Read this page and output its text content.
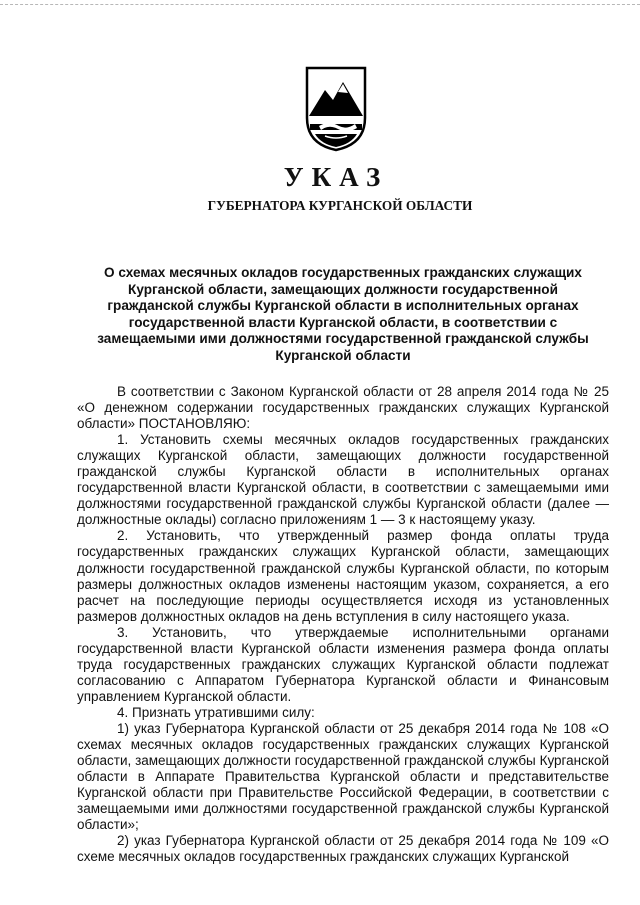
УКАЗ
ГУБЕРНАТОРА КУРГАНСКОЙ ОБЛАСТИ
О схемах месячных окладов государственных гражданских служащих Курганской области, замещающих должности государственной гражданской службы Курганской области в исполнительных органах государственной власти Курганской области, в соответствии с замещаемыми ими должностями государственной гражданской службы Курганской области

В соответствии с Законом Курганской области от 28 апреля 2014 года № 25 «О денежном содержании государственных гражданских служащих Курганской области» ПОСТАНОВЛЯЮ:

1. Установить схемы месячных окладов государственных гражданских служащих Курганской области, замещающих должности государственной гражданской службы Курганской области в исполнительных органах государственной власти Курганской области, в соответствии с замещаемыми ими должностями государственной гражданской службы Курганской области (далее — должностные оклады) согласно приложениям 1 — 3 к настоящему указу.

2. Установить, что утвержденный размер фонда оплаты труда государственных гражданских служащих Курганской области, замещающих должности государственной гражданской службы Курганской области, по которым размеры должностных окладов изменены настоящим указом, сохраняется, а его расчет на последующие периоды осуществляется исходя из установленных размеров должностных окладов на день вступления в силу настоящего указа.

3. Установить, что утверждаемые исполнительными органами государственной власти Курганской области изменения размера фонда оплаты труда государственных гражданских служащих Курганской области подлежат согласованию с Аппаратом Губернатора Курганской области и Финансовым управлением Курганской области.

4. Признать утратившими силу:

1) указ Губернатора Курганской области от 25 декабря 2014 года № 108 «О схемах месячных окладов государственных гражданских служащих Курганской области, замещающих должности государственной гражданской службы Курганской области в Аппарате Правительства Курганской области и представительстве Курганской области при Правительстве Российской Федерации, в соответствии с замещаемыми ими должностями государственной гражданской службы Курганской области»;

2) указ Губернатора Курганской области от 25 декабря 2014 года № 109 «О схеме месячных окладов государственных гражданских служащих Курганской
